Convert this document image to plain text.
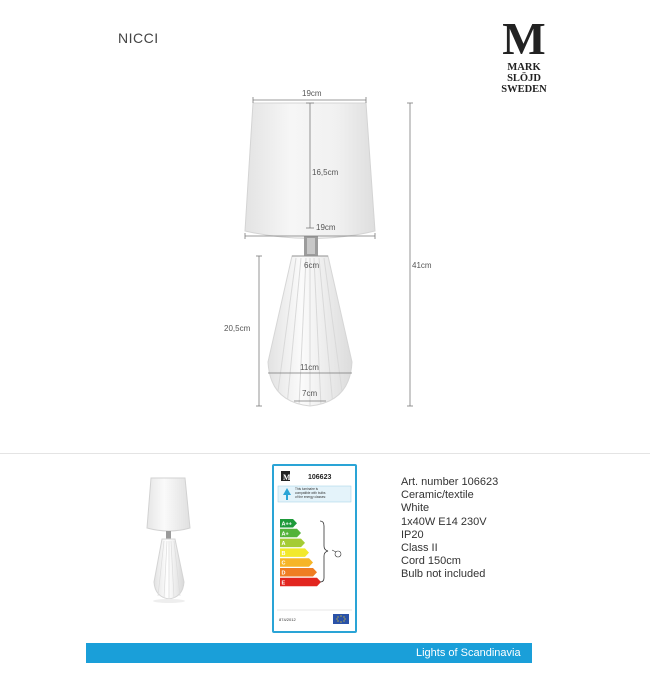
NICCI	M
MARK
SLÖJD
SWEDEN
19cm
16,5cm
19cm
6cm
20,5cm
41cm
11cm
7cm
M 106623
This luminaire is
compatible with bulbs
of the energy classes:
A++
A+
A
B
C
D
E
874/2012
Art. number 106623
Ceramic/textile
White
1x40W E14 230V
IP20
Class II
Cord 150cm
Bulb not included
Lights of Scandinavia
